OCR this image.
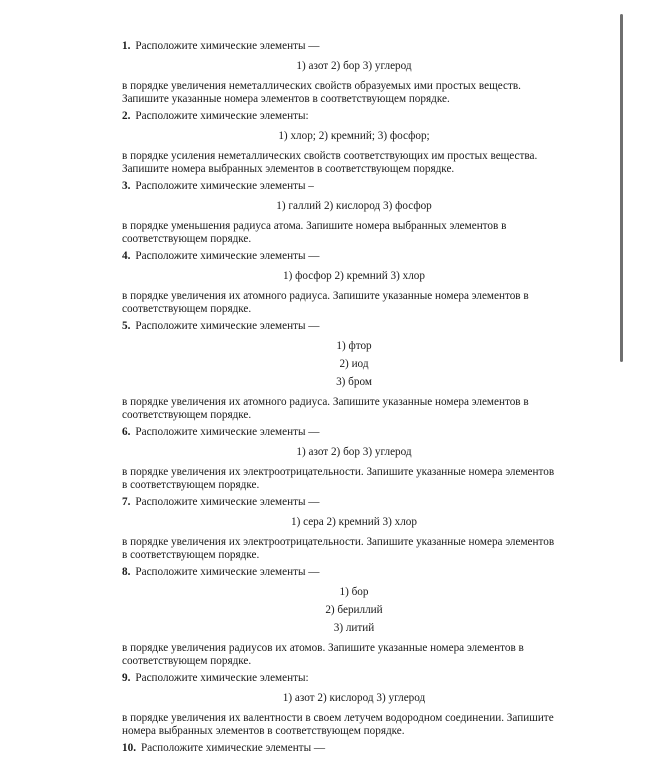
1. Расположите химические элементы —
1) азот 2) бор 3) углерод
в порядке увеличения неметаллических свойств образуемых ими простых веществ.
Запишите указанные номера элементов в соответствующем порядке.
2. Расположите химические элементы:
1) хлор; 2) кремний; 3) фосфор;
в порядке усиления неметаллических свойств соответствующих им простых вещества.
Запишите номера выбранных элементов в соответствующем порядке.
3. Расположите химические элементы –
1) галлий 2) кислород 3) фосфор
в порядке уменьшения радиуса атома. Запишите номера выбранных элементов в
соответствующем порядке.
4. Расположите химические элементы —
1) фосфор 2) кремний 3) хлор
в порядке увеличения их атомного радиуса. Запишите указанные номера элементов в
соответствующем порядке.
5. Расположите химические элементы —
1) фтор
2) иод
3) бром
в порядке увеличения их атомного радиуса. Запишите указанные номера элементов в
соответствующем порядке.
6. Расположите химические элементы —
1) азот 2) бор 3) углерод
в порядке увеличения их электроотрицательности. Запишите указанные номера элементов
в соответствующем порядке.
7. Расположите химические элементы —
1) сера 2) кремний 3) хлор
в порядке увеличения их электроотрицательности. Запишите указанные номера элементов
в соответствующем порядке.
8. Расположите химические элементы —
1) бор
2) бериллий
3) литий
в порядке увеличения радиусов их атомов. Запишите указанные номера элементов в
соответствующем порядке.
9. Расположите химические элементы:
1) азот 2) кислород 3) углерод
в порядке увеличения их валентности в своем летучем водородном соединении. Запишите
номера выбранных элементов в соответствующем порядке.
10. Расположите химические элементы —
